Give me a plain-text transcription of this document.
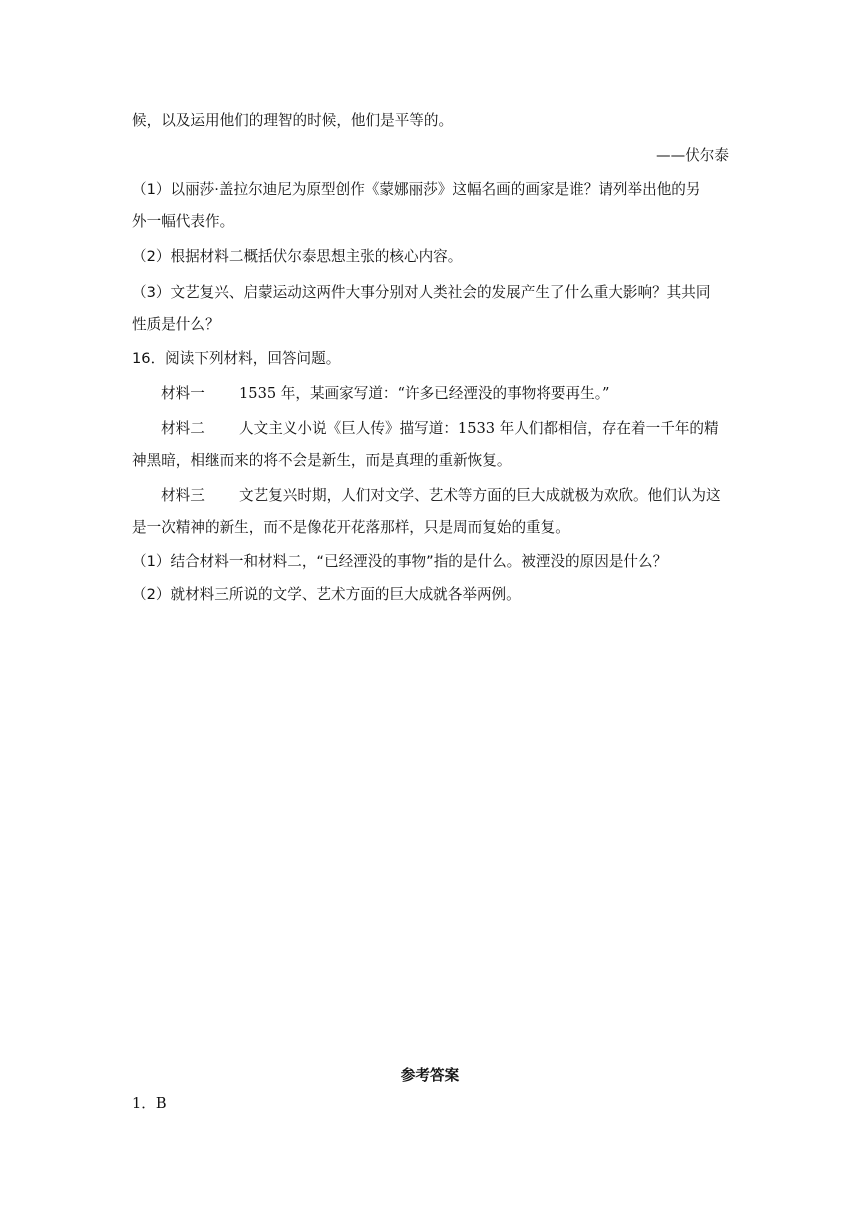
候，以及运用他们的理智的时候，他们是平等的。
——伏尔泰
（1）以丽莎·盖拉尔迪尼为原型创作《蒙娜丽莎》这幅名画的画家是谁？请列举出他的另
外一幅代表作。
（2）根据材料二概括伏尔泰思想主张的核心内容。
（3）文艺复兴、启蒙运动这两件大事分别对人类社会的发展产生了什么重大影响？其共同
性质是什么？
16．阅读下列材料，回答问题。
材料一 1535 年，某画家写道：“许多已经湮没的事物将要再生。”
材料二 人文主义小说《巨人传》描写道：1533 年人们都相信，存在着一千年的精
神黑暗，相继而来的将不会是新生，而是真理的重新恢复。
材料三 文艺复兴时期，人们对文学、艺术等方面的巨大成就极为欢欣。他们认为这
是一次精神的新生，而不是像花开花落那样，只是周而复始的重复。
（1）结合材料一和材料二，“已经湮没的事物”指的是什么。被湮没的原因是什么？
（2）就材料三所说的文学、艺术方面的巨大成就各举两例。
参考答案
1．B
